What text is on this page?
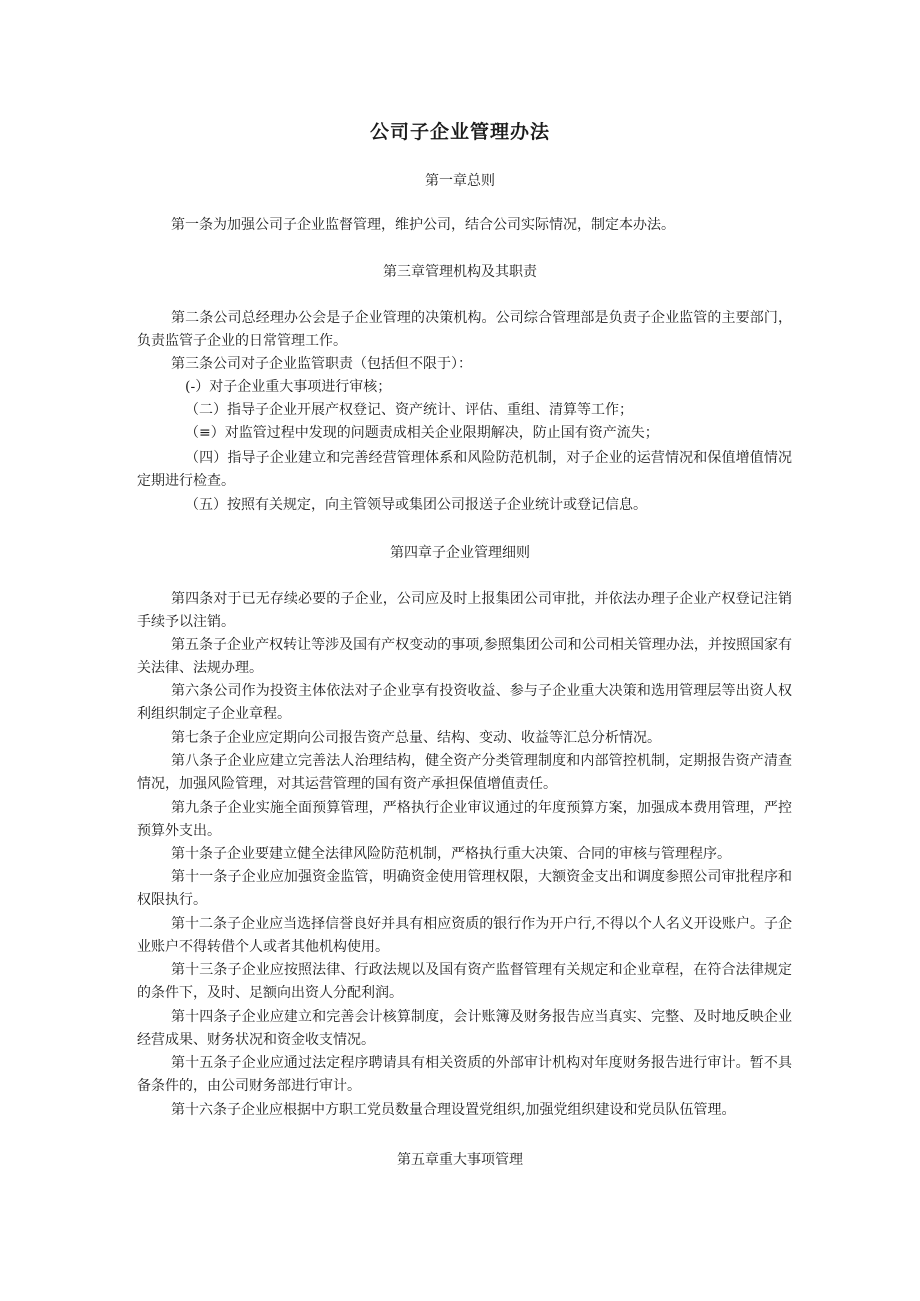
公司子企业管理办法
第一章总则

第一条为加强公司子企业监督管理，维护公司，结合公司实际情况，制定本办法。

第三章管理机构及其职责

第二条公司总经理办公会是子企业管理的决策机构。公司综合管理部是负责子企业监管的主要部门，负责监管子企业的日常管理工作。

第三条公司对子企业监管职责（包括但不限于）：

(-）对子企业重大事项进行审核；

（二）指导子企业开展产权登记、资产统计、评估、重组、清算等工作；

（≡）对监管过程中发现的问题责成相关企业限期解决，防止国有资产流失；

（四）指导子企业建立和完善经营管理体系和风险防范机制，对子企业的运营情况和保值增值情况定期进行检查。

（五）按照有关规定，向主管领导或集团公司报送子企业统计或登记信息。

第四章子企业管理细则

第四条对于已无存续必要的子企业，公司应及时上报集团公司审批，并依法办理子企业产权登记注销手续予以注销。

第五条子企业产权转让等涉及国有产权变动的事项,参照集团公司和公司相关管理办法，并按照国家有关法律、法规办理。

第六条公司作为投资主体依法对子企业享有投资收益、参与子企业重大决策和选用管理层等出资人权利组织制定子企业章程。

第七条子企业应定期向公司报告资产总量、结构、变动、收益等汇总分析情况。

第八条子企业应建立完善法人治理结构，健全资产分类管理制度和内部管控机制，定期报告资产清查情况，加强风险管理，对其运营管理的国有资产承担保值增值责任。

第九条子企业实施全面预算管理，严格执行企业审议通过的年度预算方案，加强成本费用管理，严控预算外支出。

第十条子企业要建立健全法律风险防范机制，严格执行重大决策、合同的审核与管理程序。

第十一条子企业应加强资金监管，明确资金使用管理权限，大额资金支出和调度参照公司审批程序和权限执行。

第十二条子企业应当选择信誉良好并具有相应资质的银行作为开户行,不得以个人名义开设账户。子企业账户不得转借个人或者其他机构使用。

第十三条子企业应按照法律、行政法规以及国有资产监督管理有关规定和企业章程，在符合法律规定的条件下，及时、足额向出资人分配利润。

第十四条子企业应建立和完善会计核算制度，会计账簿及财务报告应当真实、完整、及时地反映企业经营成果、财务状况和资金收支情况。

第十五条子企业应通过法定程序聘请具有相关资质的外部审计机构对年度财务报告进行审计。暂不具备条件的，由公司财务部进行审计。

第十六条子企业应根据中方职工党员数量合理设置党组织,加强党组织建设和党员队伍管理。

第五章重大事项管理
